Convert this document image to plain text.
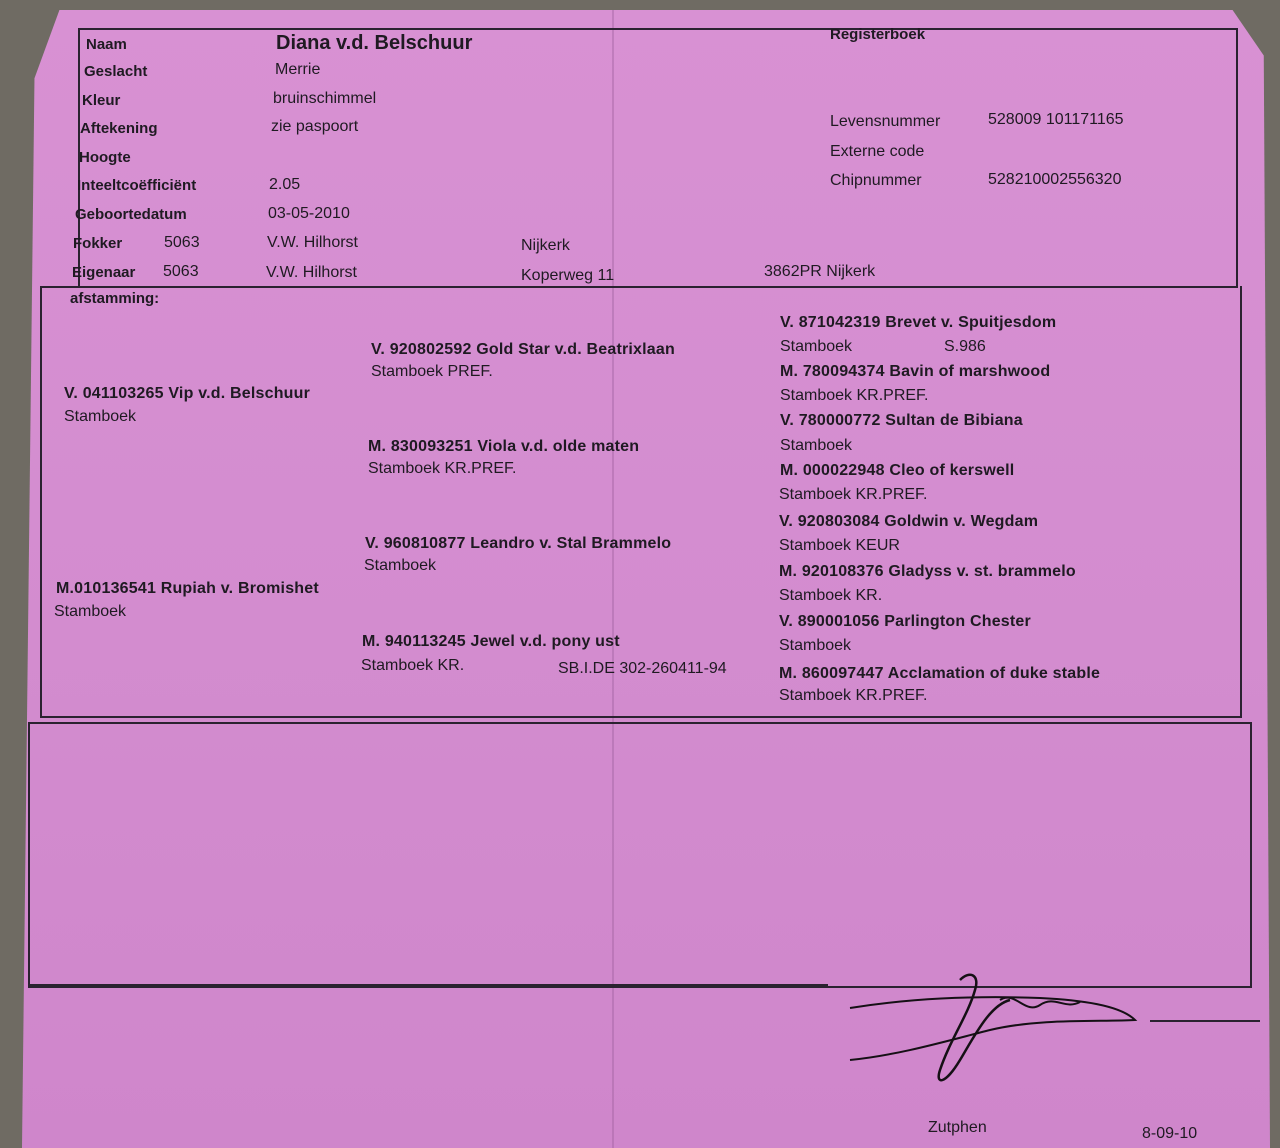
Naam	Diana v.d. Belschuur	Registerboek
Geslacht	Merrie
Kleur	bruinschimmel
Aftekening	zie paspoort
Hoogte
Inteeltcoëfficiënt	2.05
Geboortedatum	03-05-2010
Fokker	5063	V.W. Hilhorst	Nijkerk
Eigenaar 5063	V.W. Hilhorst	Koperweg 11	3862PR Nijkerk
Levensnummer	528009 101171165
Externe code
Chipnummer	528210002556320
afstamming:
V. 041103265 Vip v.d. Belschuur
Stamboek
M.010136541 Rupiah v. Bromishet
Stamboek
V. 920802592 Gold Star v.d. Beatrixlaan
Stamboek PREF.
M. 830093251 Viola v.d. olde maten
Stamboek KR.PREF.
V. 960810877 Leandro v. Stal Brammelo
Stamboek
M. 940113245 Jewel v.d. pony ust
Stamboek KR.	SB.I.DE 302-260411-94
V. 871042319 Brevet v. Spuitjesdom
Stamboek	S.986
M. 780094374 Bavin of marshwood
Stamboek KR.PREF.
V. 780000772 Sultan de Bibiana
Stamboek
M. 000022948 Cleo of kerswell
Stamboek KR.PREF.
V. 920803084 Goldwin v. Wegdam
Stamboek KEUR
M. 920108376 Gladyss v. st. brammelo
Stamboek KR.
V. 890001056 Parlington Chester
Stamboek
M. 860097447 Acclamation of duke stable
Stamboek KR.PREF.
Zutphen	8-09-10
